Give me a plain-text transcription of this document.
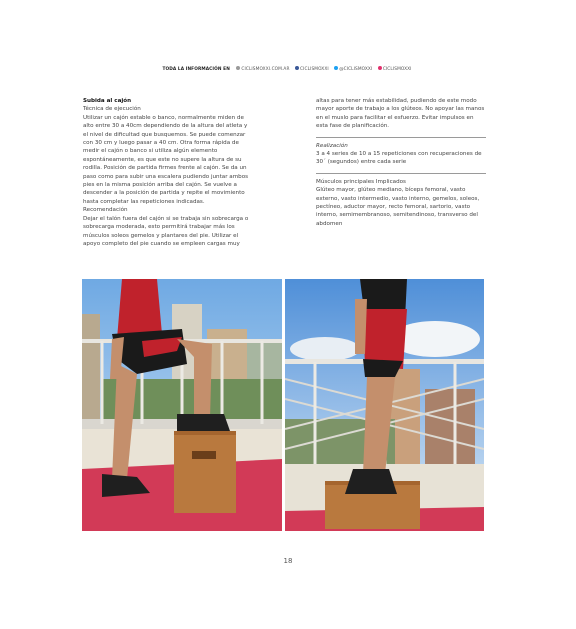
TODA LA INFORMACIÓN EN	CICLISMOXXI.COM.AR CICLISMOXXI @CICLISMOXXI CICLISMOXXI
Subida al cajón
Técnica de ejecución
Utilizar un cajón estable o banco, normalmente miden de alto entre 30 a 40cm dependiendo de la altura del atleta y el nivel de dificultad que busquemos. Se puede comenzar con 30 cm y luego pasar a 40 cm. Otra forma rápida de medir el cajón o banco si utiliza algún elemento espontáneamente, es que este no supere la altura de su rodilla. Posición de partida firmes frente al cajón. Se da un paso como para subir una escalera pudiendo juntar ambos pies en la misma posición arriba del cajón. Se vuelve a descender a la posición de partida y repite el movimiento hasta completar las repeticiones indicadas.
Recomendación
Dejar el talón fuera del cajón si se trabaja sin sobrecarga o sobrecarga moderada, esto permitirá trabajar más los músculos soleos gemelos y plantares del pie. Utilizar el apoyo completo del pie cuando se empleen cargas muy
altas para tener más estabilidad, pudiendo de este modo mayor aporte de trabajo a los glúteos. No apoyar las manos en el muslo para facilitar el esfuerzo. Evitar impulsos en esta fase de planificación.
Realización
3 a 4 series de 10 a 15 repeticiones con recuperaciones de 30´ (segundos) entre cada serie
Músculos principales Implicados
Glúteo mayor, glúteo mediano, bíceps femoral, vasto externo, vasto intermedio, vasto interno, gemelos, soleos, pectíneo, aductor mayor, recto femoral, sartorio, vasto interno, semimembranoso, semitendinoso, transverso del abdomen
18
